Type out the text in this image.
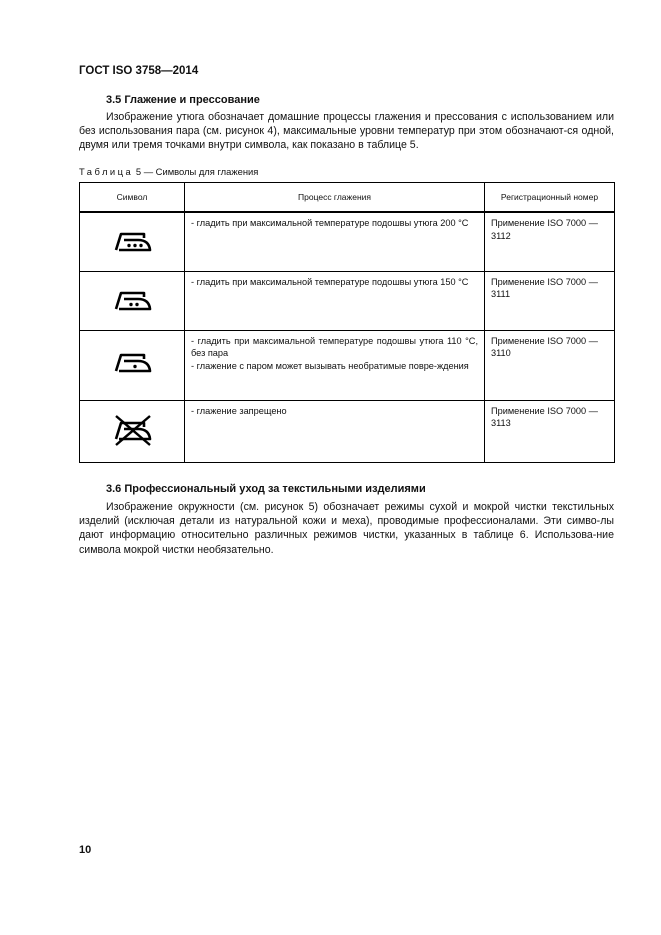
ГОСТ ISO 3758—2014
3.5 Глажение и прессование
Изображение утюга обозначает домашние процессы глажения и прессования с использованием или без использования пара (см. рисунок 4), максимальные уровни температур при этом обозначают-ся одной, двумя или тремя точками внутри символа, как показано в таблице 5.
Таблица 5 — Символы для глажения
Символ	Процесс глажения	Регистрационный номер

- гладить при максимальной температуре подошвы утюга 200 °C	Применение ISO 7000 — 3112

- гладить при максимальной температуре подошвы утюга 150 °C	Применение ISO 7000 — 3111

- гладить при максимальной температуре подошвы утюга 110 °C, без пара
- глажение с паром может вызывать необратимые повре-ждения	Применение ISO 7000 — 3110

- глажение запрещено	Применение ISO 7000 — 3113
3.6 Профессиональный уход за текстильными изделиями
Изображение окружности (см. рисунок 5) обозначает режимы сухой и мокрой чистки текстильных изделий (исключая детали из натуральной кожи и меха), проводимые профессионалами. Эти симво-лы дают информацию относительно различных режимов чистки, указанных в таблице 6. Использова-ние символа мокрой чистки необязательно.
10
